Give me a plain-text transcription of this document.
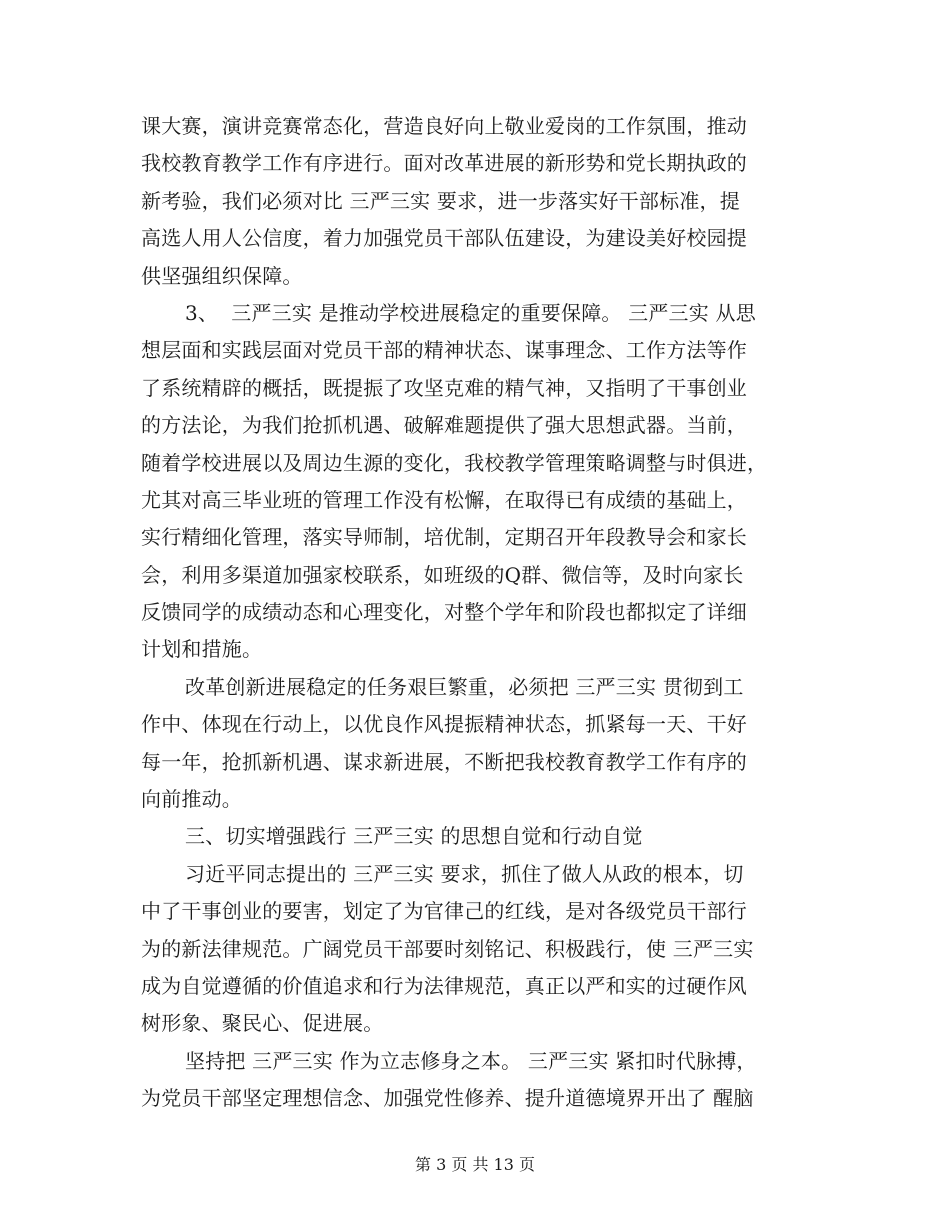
课大赛，演讲竞赛常态化，营造良好向上敬业爱岗的工作氛围，推动
我校教育教学工作有序进行。面对改革进展的新形势和党长期执政的
新考验，我们必须对比 三严三实 要求，进一步落实好干部标准，提
高选人用人公信度，着力加强党员干部队伍建设，为建设美好校园提
供坚强组织保障。
3、  三严三实 是推动学校进展稳定的重要保障。 三严三实 从思
想层面和实践层面对党员干部的精神状态、谋事理念、工作方法等作
了系统精辟的概括，既提振了攻坚克难的精气神，又指明了干事创业
的方法论，为我们抢抓机遇、破解难题提供了强大思想武器。当前，
随着学校进展以及周边生源的变化，我校教学管理策略调整与时俱进，
尤其对高三毕业班的管理工作没有松懈，在取得已有成绩的基础上，
实行精细化管理，落实导师制，培优制，定期召开年段教导会和家长
会，利用多渠道加强家校联系，如班级的Q群、微信等，及时向家长
反馈同学的成绩动态和心理变化，对整个学年和阶段也都拟定了详细
计划和措施。
改革创新进展稳定的任务艰巨繁重，必须把 三严三实 贯彻到工
作中、体现在行动上，以优良作风提振精神状态，抓紧每一天、干好
每一年，抢抓新机遇、谋求新进展，不断把我校教育教学工作有序的
向前推动。
三、切实增强践行 三严三实 的思想自觉和行动自觉
习近平同志提出的 三严三实 要求，抓住了做人从政的根本，切
中了干事创业的要害，划定了为官律己的红线，是对各级党员干部行
为的新法律规范。广阔党员干部要时刻铭记、积极践行，使 三严三实
成为自觉遵循的价值追求和行为法律规范，真正以严和实的过硬作风
树形象、聚民心、促进展。
坚持把 三严三实 作为立志修身之本。 三严三实 紧扣时代脉搏，
为党员干部坚定理想信念、加强党性修养、提升道德境界开出了 醒脑
第 3 页 共 13 页
